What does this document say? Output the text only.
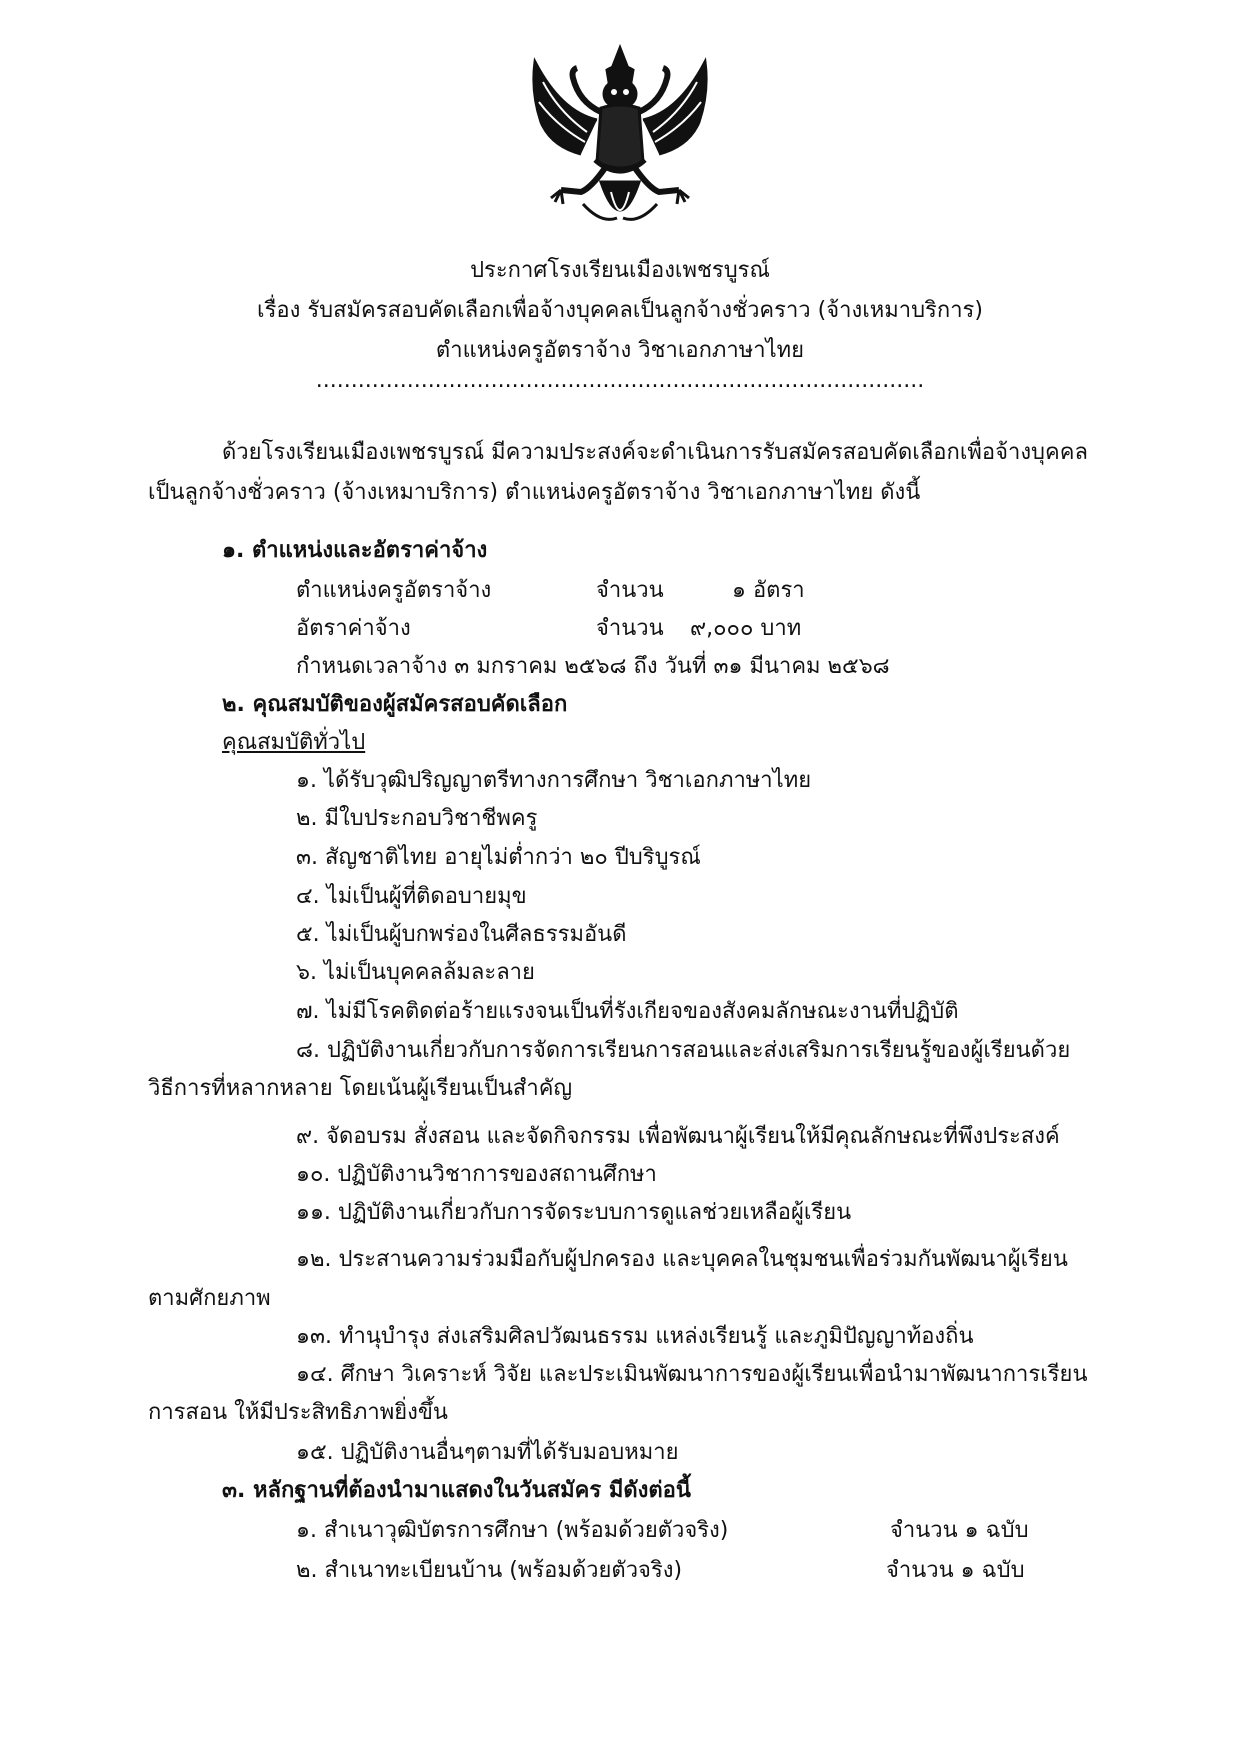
ประกาศโรงเรียนเมืองเพชรบูรณ์
เรื่อง รับสมัครสอบคัดเลือกเพื่อจ้างบุคคลเป็นลูกจ้างชั่วคราว (จ้างเหมาบริการ)
ตำแหน่งครูอัตราจ้าง วิชาเอกภาษาไทย
.......................................................................................
ด้วยโรงเรียนเมืองเพชรบูรณ์ มีความประสงค์จะดำเนินการรับสมัครสอบคัดเลือกเพื่อจ้างบุคคล
เป็นลูกจ้างชั่วคราว (จ้างเหมาบริการ) ตำแหน่งครูอัตราจ้าง วิชาเอกภาษาไทย ดังนี้
๑. ตำแหน่งและอัตราค่าจ้าง
ตำแหน่งครูอัตราจ้าง	จำนวน	๑ อัตรา
อัตราค่าจ้าง	จำนวน ๙,๐๐๐ บาท
กำหนดเวลาจ้าง ๓ มกราคม ๒๕๖๘ ถึง วันที่ ๓๑ มีนาคม ๒๕๖๘
๒. คุณสมบัติของผู้สมัครสอบคัดเลือก
คุณสมบัติทั่วไป
๑. ได้รับวุฒิปริญญาตรีทางการศึกษา วิชาเอกภาษาไทย
๒. มีใบประกอบวิชาชีพครู
๓. สัญชาติไทย อายุไม่ต่ำกว่า ๒๐ ปีบริบูรณ์
๔. ไม่เป็นผู้ที่ติดอบายมุข
๕. ไม่เป็นผู้บกพร่องในศีลธรรมอันดี
๖. ไม่เป็นบุคคลล้มละลาย
๗. ไม่มีโรคติดต่อร้ายแรงจนเป็นที่รังเกียจของสังคมลักษณะงานที่ปฏิบัติ
๘. ปฏิบัติงานเกี่ยวกับการจัดการเรียนการสอนและส่งเสริมการเรียนรู้ของผู้เรียนด้วย
วิธีการที่หลากหลาย โดยเน้นผู้เรียนเป็นสำคัญ
๙. จัดอบรม สั่งสอน และจัดกิจกรรม เพื่อพัฒนาผู้เรียนให้มีคุณลักษณะที่พึงประสงค์
๑๐. ปฏิบัติงานวิชาการของสถานศึกษา
๑๑. ปฏิบัติงานเกี่ยวกับการจัดระบบการดูแลช่วยเหลือผู้เรียน
๑๒. ประสานความร่วมมือกับผู้ปกครอง และบุคคลในชุมชนเพื่อร่วมกันพัฒนาผู้เรียน
ตามศักยภาพ
๑๓. ทำนุบำรุง ส่งเสริมศิลปวัฒนธรรม แหล่งเรียนรู้ และภูมิปัญญาท้องถิ่น
๑๔. ศึกษา วิเคราะห์ วิจัย และประเมินพัฒนาการของผู้เรียนเพื่อนำมาพัฒนาการเรียน
การสอน ให้มีประสิทธิภาพยิ่งขึ้น
๑๕. ปฏิบัติงานอื่นๆตามที่ได้รับมอบหมาย
๓. หลักฐานที่ต้องนำมาแสดงในวันสมัคร มีดังต่อนี้
๑. สำเนาวุฒิบัตรการศึกษา (พร้อมด้วยตัวจริง)	จำนวน ๑ ฉบับ
๒. สำเนาทะเบียนบ้าน (พร้อมด้วยตัวจริง)	จำนวน ๑ ฉบับ
